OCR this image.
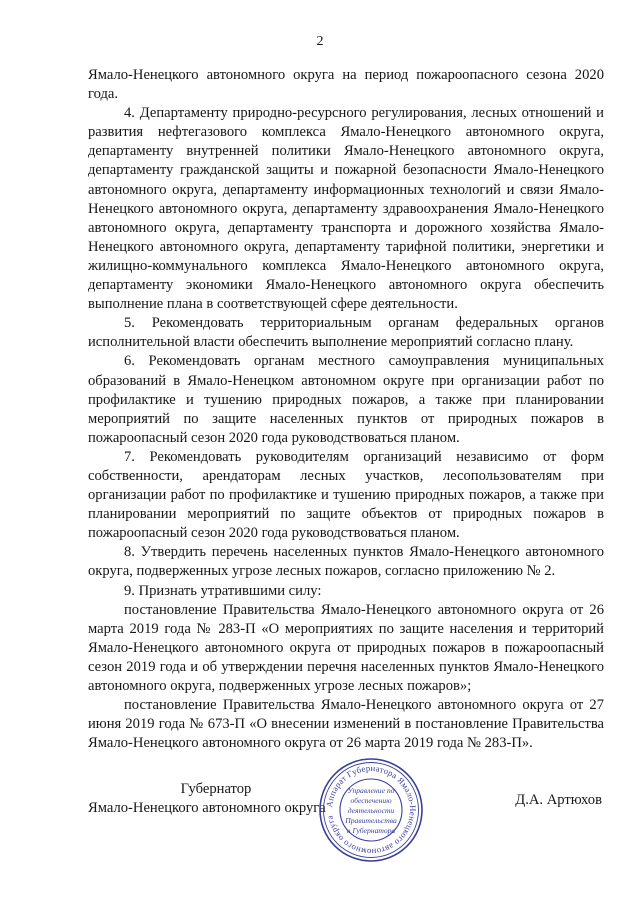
2

Ямало-Ненецкого автономного округа на период пожароопасного сезона 2020 года.

4. Департаменту природно-ресурсного регулирования, лесных отношений и развития нефтегазового комплекса Ямало-Ненецкого автономного округа, департаменту внутренней политики Ямало-Ненецкого автономного округа, департаменту гражданской защиты и пожарной безопасности Ямало-Ненецкого автономного округа, департаменту информационных технологий и связи Ямало-Ненецкого автономного округа, департаменту здравоохранения Ямало-Ненецкого автономного округа, департаменту транспорта и дорожного хозяйства Ямало-Ненецкого автономного округа, департаменту тарифной политики, энергетики и жилищно-коммунального комплекса Ямало-Ненецкого автономного округа, департаменту экономики Ямало-Ненецкого автономного округа обеспечить выполнение плана в соответствующей сфере деятельности.

5. Рекомендовать территориальным органам федеральных органов исполнительной власти обеспечить выполнение мероприятий согласно плану.

6. Рекомендовать органам местного самоуправления муниципальных образований в Ямало-Ненецком автономном округе при организации работ по профилактике и тушению природных пожаров, а также при планировании мероприятий по защите населенных пунктов от природных пожаров в пожароопасный сезон 2020 года руководствоваться планом.

7. Рекомендовать руководителям организаций независимо от форм собственности, арендаторам лесных участков, лесопользователям при организации работ по профилактике и тушению природных пожаров, а также при планировании мероприятий по защите объектов от природных пожаров в пожароопасный сезон 2020 года руководствоваться планом.

8. Утвердить перечень населенных пунктов Ямало-Ненецкого автономного округа, подверженных угрозе лесных пожаров, согласно приложению № 2.

9. Признать утратившими силу:

постановление Правительства Ямало-Ненецкого автономного округа от 26 марта 2019 года № 283-П «О мероприятиях по защите населения и территорий Ямало-Ненецкого автономного округа от природных пожаров в пожароопасный сезон 2019 года и об утверждении перечня населенных пунктов Ямало-Ненецкого автономного округа, подверженных угрозе лесных пожаров»;

постановление Правительства Ямало-Ненецкого автономного округа от 27 июня 2019 года № 673-П «О внесении изменений в постановление Правительства Ямало-Ненецкого автономного округа от 26 марта 2019 года № 283-П».

Губернатор
Ямало-Ненецкого автономного округа	Д.А. Артюхов
Аппарат Губернатора Ямало-Ненецкого автономного округа
Управление по
обеспечению
деятельности
Правительства
и Губернатора
